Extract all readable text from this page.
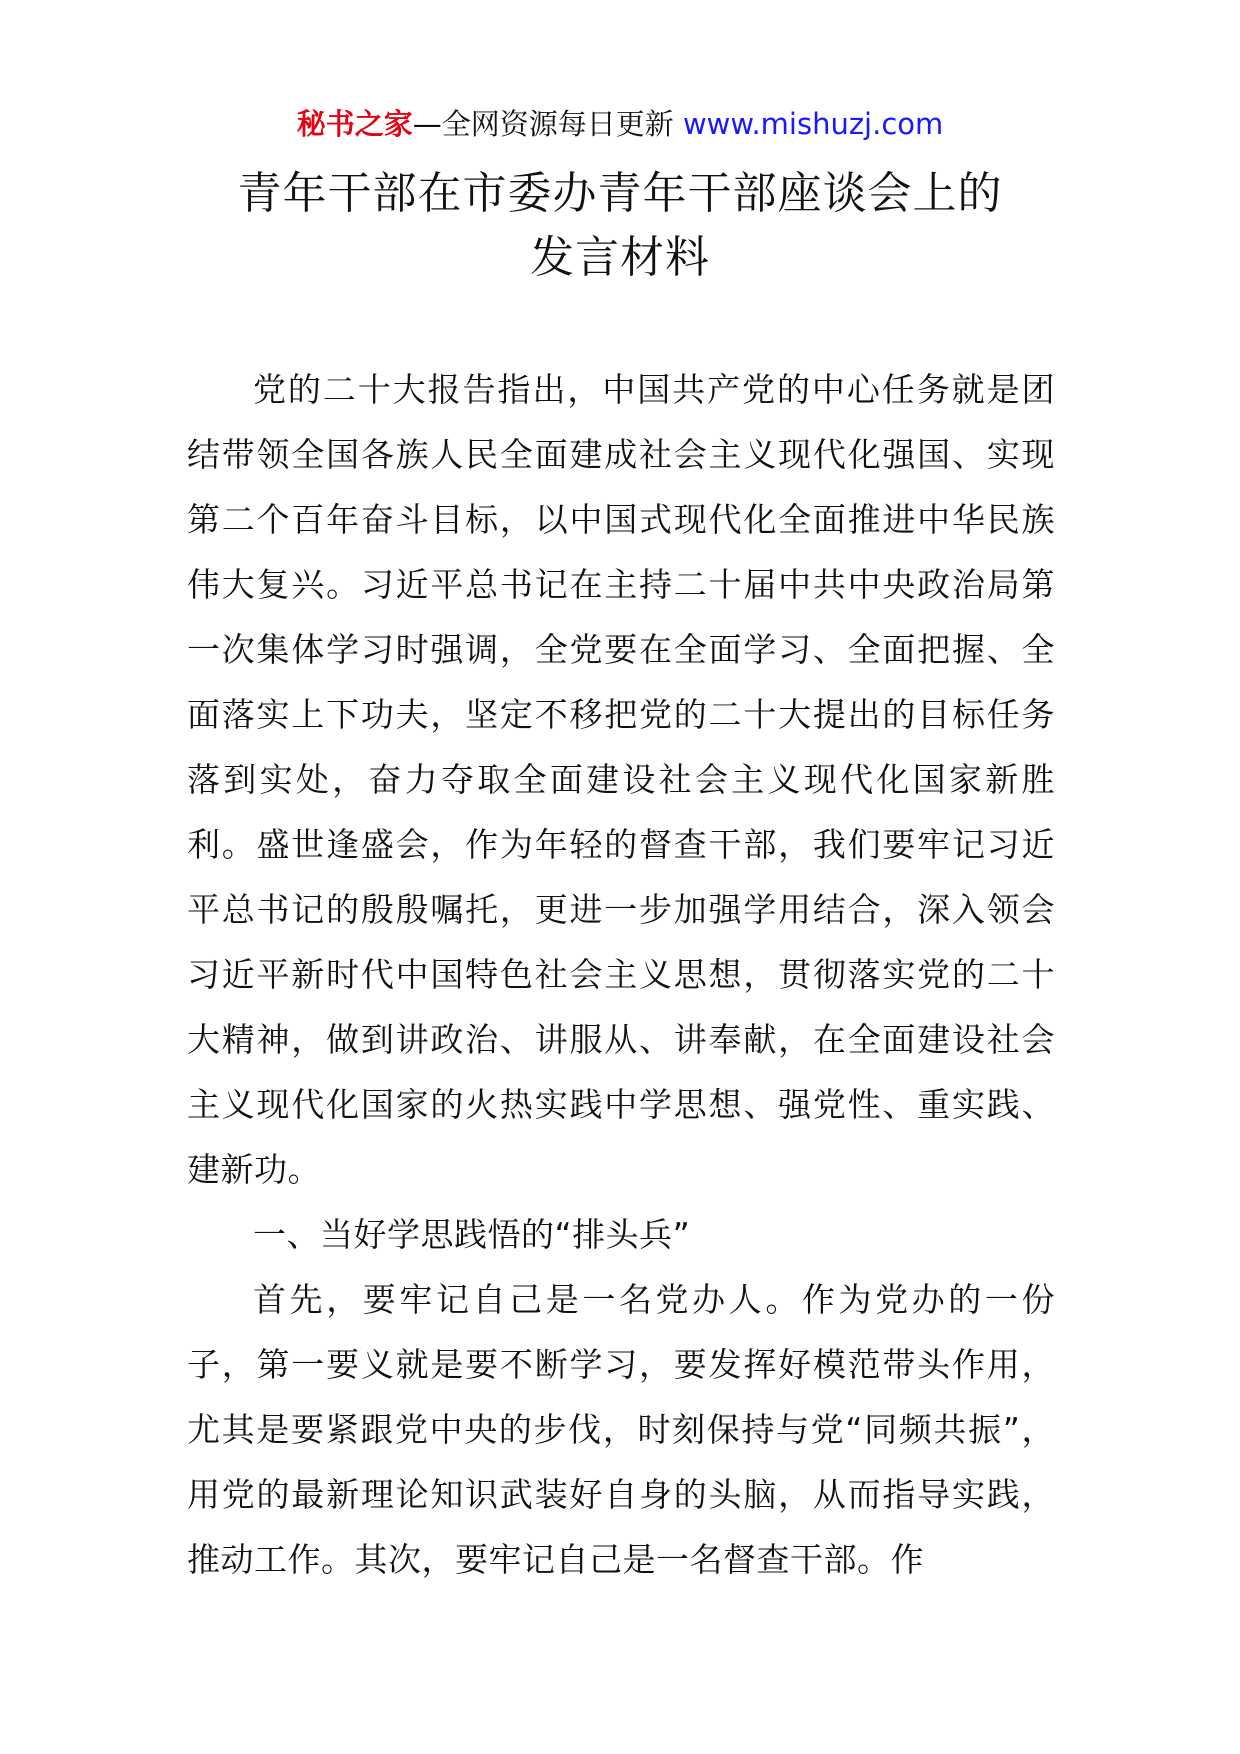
秘书之家—全网资源每日更新 www.mishuzj.com
青年干部在市委办青年干部座谈会上的
发言材料

党的二十大报告指出，中国共产党的中心任务就是团结带领全国各族人民全面建成社会主义现代化强国、实现第二个百年奋斗目标，以中国式现代化全面推进中华民族伟大复兴。习近平总书记在主持二十届中共中央政治局第一次集体学习时强调，全党要在全面学习、全面把握、全面落实上下功夫，坚定不移把党的二十大提出的目标任务落到实处，奋力夺取全面建设社会主义现代化国家新胜利。盛世逢盛会，作为年轻的督查干部，我们要牢记习近平总书记的殷殷嘱托，更进一步加强学用结合，深入领会习近平新时代中国特色社会主义思想，贯彻落实党的二十大精神，做到讲政治、讲服从、讲奉献，在全面建设社会主义现代化国家的火热实践中学思想、强党性、重实践、建新功。

一、当好学思践悟的“排头兵”

首先，要牢记自己是一名党办人。作为党办的一份子，第一要义就是要不断学习，要发挥好模范带头作用，尤其是要紧跟党中央的步伐，时刻保持与党“同频共振”，用党的最新理论知识武装好自身的头脑，从而指导实践，推动工作。其次，要牢记自己是一名督查干部。作
